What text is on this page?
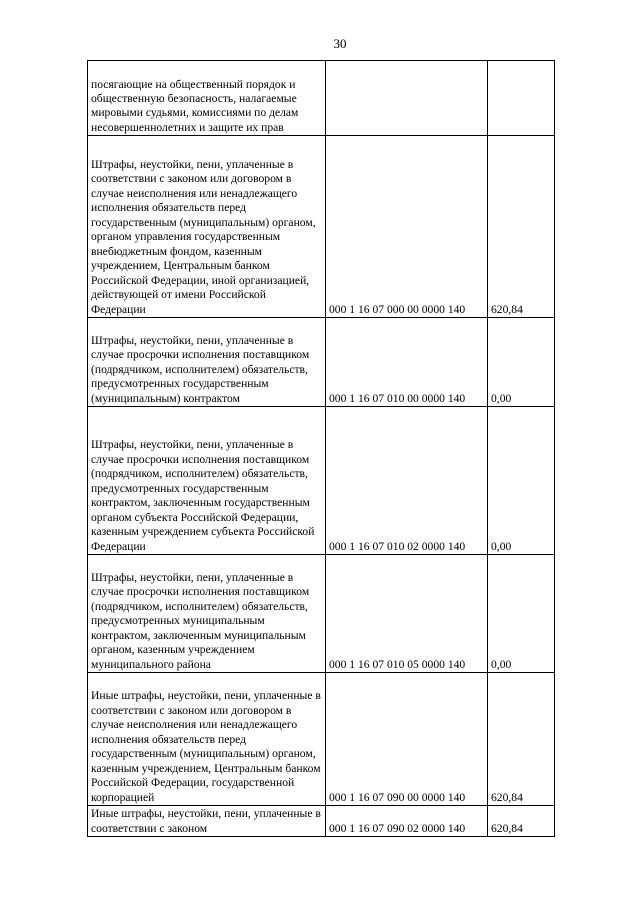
30
посягающие на общественный порядок и общественную безопасность, налагаемые мировыми судьями, комиссиями по делам несовершеннолетних и защите их прав		

Штрафы, неустойки, пени, уплаченные в соответствии с законом или договором в случае неисполнения или ненадлежащего исполнения обязательств перед государственным (муниципальным) органом, органом управления государственным внебюджетным фондом, казенным учреждением, Центральным банком Российской Федерации, иной организацией, действующей от имени Российской Федерации	000 1 16 07 000 00 0000 140	620,84

Штрафы, неустойки, пени, уплаченные в случае просрочки исполнения поставщиком (подрядчиком, исполнителем) обязательств, предусмотренных государственным (муниципальным) контрактом	000 1 16 07 010 00 0000 140	0,00

Штрафы, неустойки, пени, уплаченные в случае просрочки исполнения поставщиком (подрядчиком, исполнителем) обязательств, предусмотренных государственным контрактом, заключенным государственным органом субъекта Российской Федерации, казенным учреждением субъекта Российской Федерации	000 1 16 07 010 02 0000 140	0,00

Штрафы, неустойки, пени, уплаченные в случае просрочки исполнения поставщиком (подрядчиком, исполнителем) обязательств, предусмотренных муниципальным контрактом, заключенным муниципальным органом, казенным учреждением муниципального района	000 1 16 07 010 05 0000 140	0,00

Иные штрафы, неустойки, пени, уплаченные в соответствии с законом или договором в случае неисполнения или ненадлежащего исполнения обязательств перед государственным (муниципальным) органом, казенным учреждением, Центральным банком Российской Федерации, государственной корпорацией	000 1 16 07 090 00 0000 140	620,84

Иные штрафы, неустойки, пени, уплаченные в соответствии с законом	000 1 16 07 090 02 0000 140	620,84
